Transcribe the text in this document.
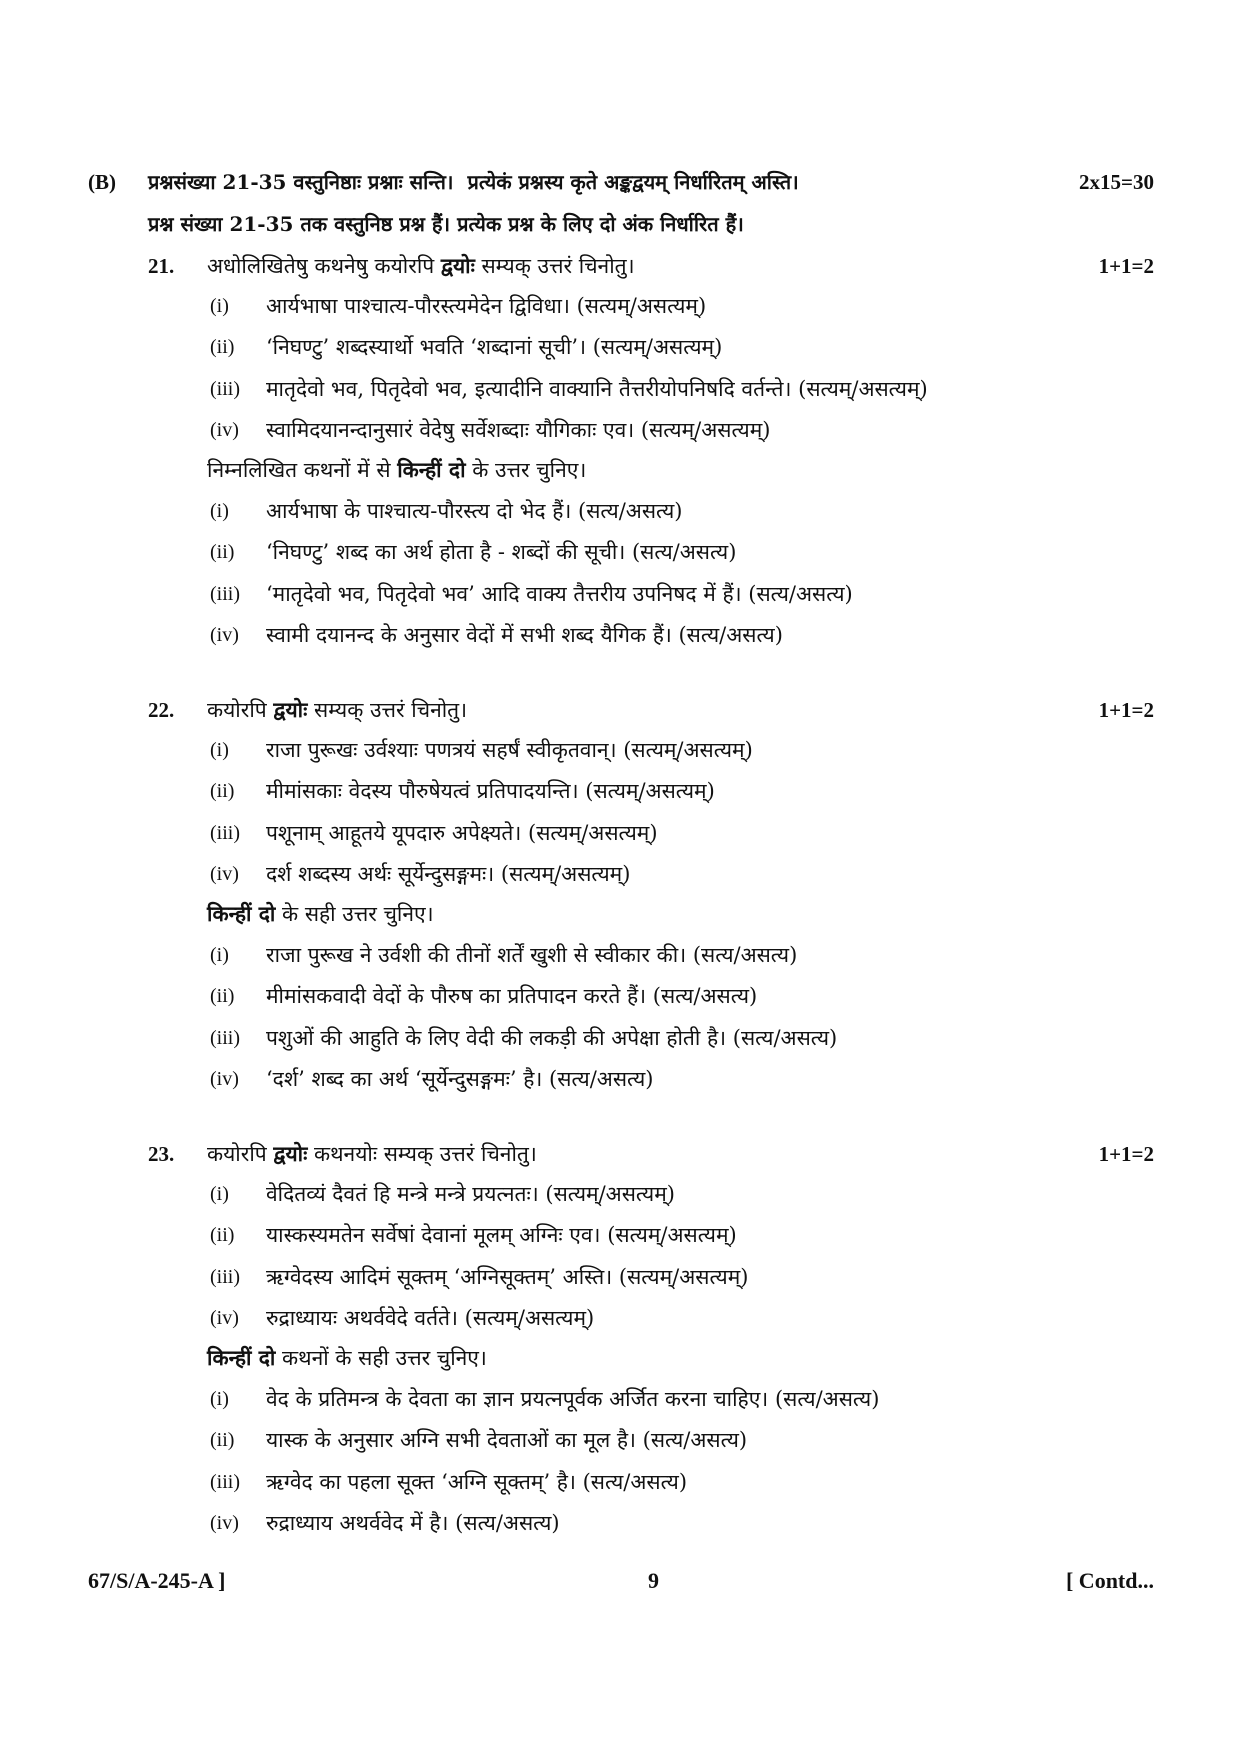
(B) प्रश्नसंख्या 21-35 वस्तुनिष्ठाः प्रश्नाः सन्ति। प्रत्येकं प्रश्नस्य कृते अङ्कद्वयम् निर्धारितम् अस्ति।	2x15=30
प्रश्न संख्या 21-35 तक वस्तुनिष्ठ प्रश्न हैं। प्रत्येक प्रश्न के लिए दो अंक निर्धारित हैं।
21. अधोलिखितेषु कथनेषु कयोरपि द्वयोः सम्यक् उत्तरं चिनोतु।	1+1=2
(i) आर्यभाषा पाश्चात्य-पौरस्त्यमेदेन द्विविधा। (सत्यम्/असत्यम्)
(ii) ‘निघण्टु’ शब्दस्यार्थो भवति ‘शब्दानां सूची’। (सत्यम्/असत्यम्)
(iii) मातृदेवो भव, पितृदेवो भव, इत्यादीनि वाक्यानि तैत्तरीयोपनिषदि वर्तन्ते। (सत्यम्/असत्यम्)
(iv) स्वामिदयानन्दानुसारं वेदेषु सर्वेशब्दाः यौगिकाः एव। (सत्यम्/असत्यम्)
निम्नलिखित कथनों में से किन्हीं दो के उत्तर चुनिए।
(i) आर्यभाषा के पाश्चात्य-पौरस्त्य दो भेद हैं। (सत्य/असत्य)
(ii) ‘निघण्टु’ शब्द का अर्थ होता है - शब्दों की सूची। (सत्य/असत्य)
(iii) ‘मातृदेवो भव, पितृदेवो भव’ आदि वाक्य तैत्तरीय उपनिषद में हैं। (सत्य/असत्य)
(iv) स्वामी दयानन्द के अनुसार वेदों में सभी शब्द यैगिक हैं। (सत्य/असत्य)
22. कयोरपि द्वयोः सम्यक् उत्तरं चिनोतु।	1+1=2
(i) राजा पुरूखः उर्वश्याः पणत्रयं सहर्षं स्वीकृतवान्। (सत्यम्/असत्यम्)
(ii) मीमांसकाः वेदस्य पौरुषेयत्वं प्रतिपादयन्ति। (सत्यम्/असत्यम्)
(iii) पशूनाम् आहूतये यूपदारु अपेक्ष्यते। (सत्यम्/असत्यम्)
(iv) दर्श शब्दस्य अर्थः सूर्येन्दुसङ्गमः। (सत्यम्/असत्यम्)
किन्हीं दो के सही उत्तर चुनिए।
(i) राजा पुरूख ने उर्वशी की तीनों शर्तें खुशी से स्वीकार की। (सत्य/असत्य)
(ii) मीमांसकवादी वेदों के पौरुष का प्रतिपादन करते हैं। (सत्य/असत्य)
(iii) पशुओं की आहुति के लिए वेदी की लकड़ी की अपेक्षा होती है। (सत्य/असत्य)
(iv) ‘दर्श’ शब्द का अर्थ ‘सूर्येन्दुसङ्गमः’ है। (सत्य/असत्य)
23. कयोरपि द्वयोः कथनयोः सम्यक् उत्तरं चिनोतु।	1+1=2
(i) वेदितव्यं दैवतं हि मन्त्रे मन्त्रे प्रयत्नतः। (सत्यम्/असत्यम्)
(ii) यास्कस्यमतेन सर्वेषां देवानां मूलम् अग्निः एव। (सत्यम्/असत्यम्)
(iii) ऋग्वेदस्य आदिमं सूक्तम् ‘अग्निसूक्तम्’ अस्ति। (सत्यम्/असत्यम्)
(iv) रुद्राध्यायः अथर्ववेदे वर्तते। (सत्यम्/असत्यम्)
किन्हीं दो कथनों के सही उत्तर चुनिए।
(i) वेद के प्रतिमन्त्र के देवता का ज्ञान प्रयत्नपूर्वक अर्जित करना चाहिए। (सत्य/असत्य)
(ii) यास्क के अनुसार अग्नि सभी देवताओं का मूल है। (सत्य/असत्य)
(iii) ऋग्वेद का पहला सूक्त ‘अग्नि सूक्तम्’ है। (सत्य/असत्य)
(iv) रुद्राध्याय अथर्ववेद में है। (सत्य/असत्य)
67/S/A-245-A ]	9	[ Contd...
